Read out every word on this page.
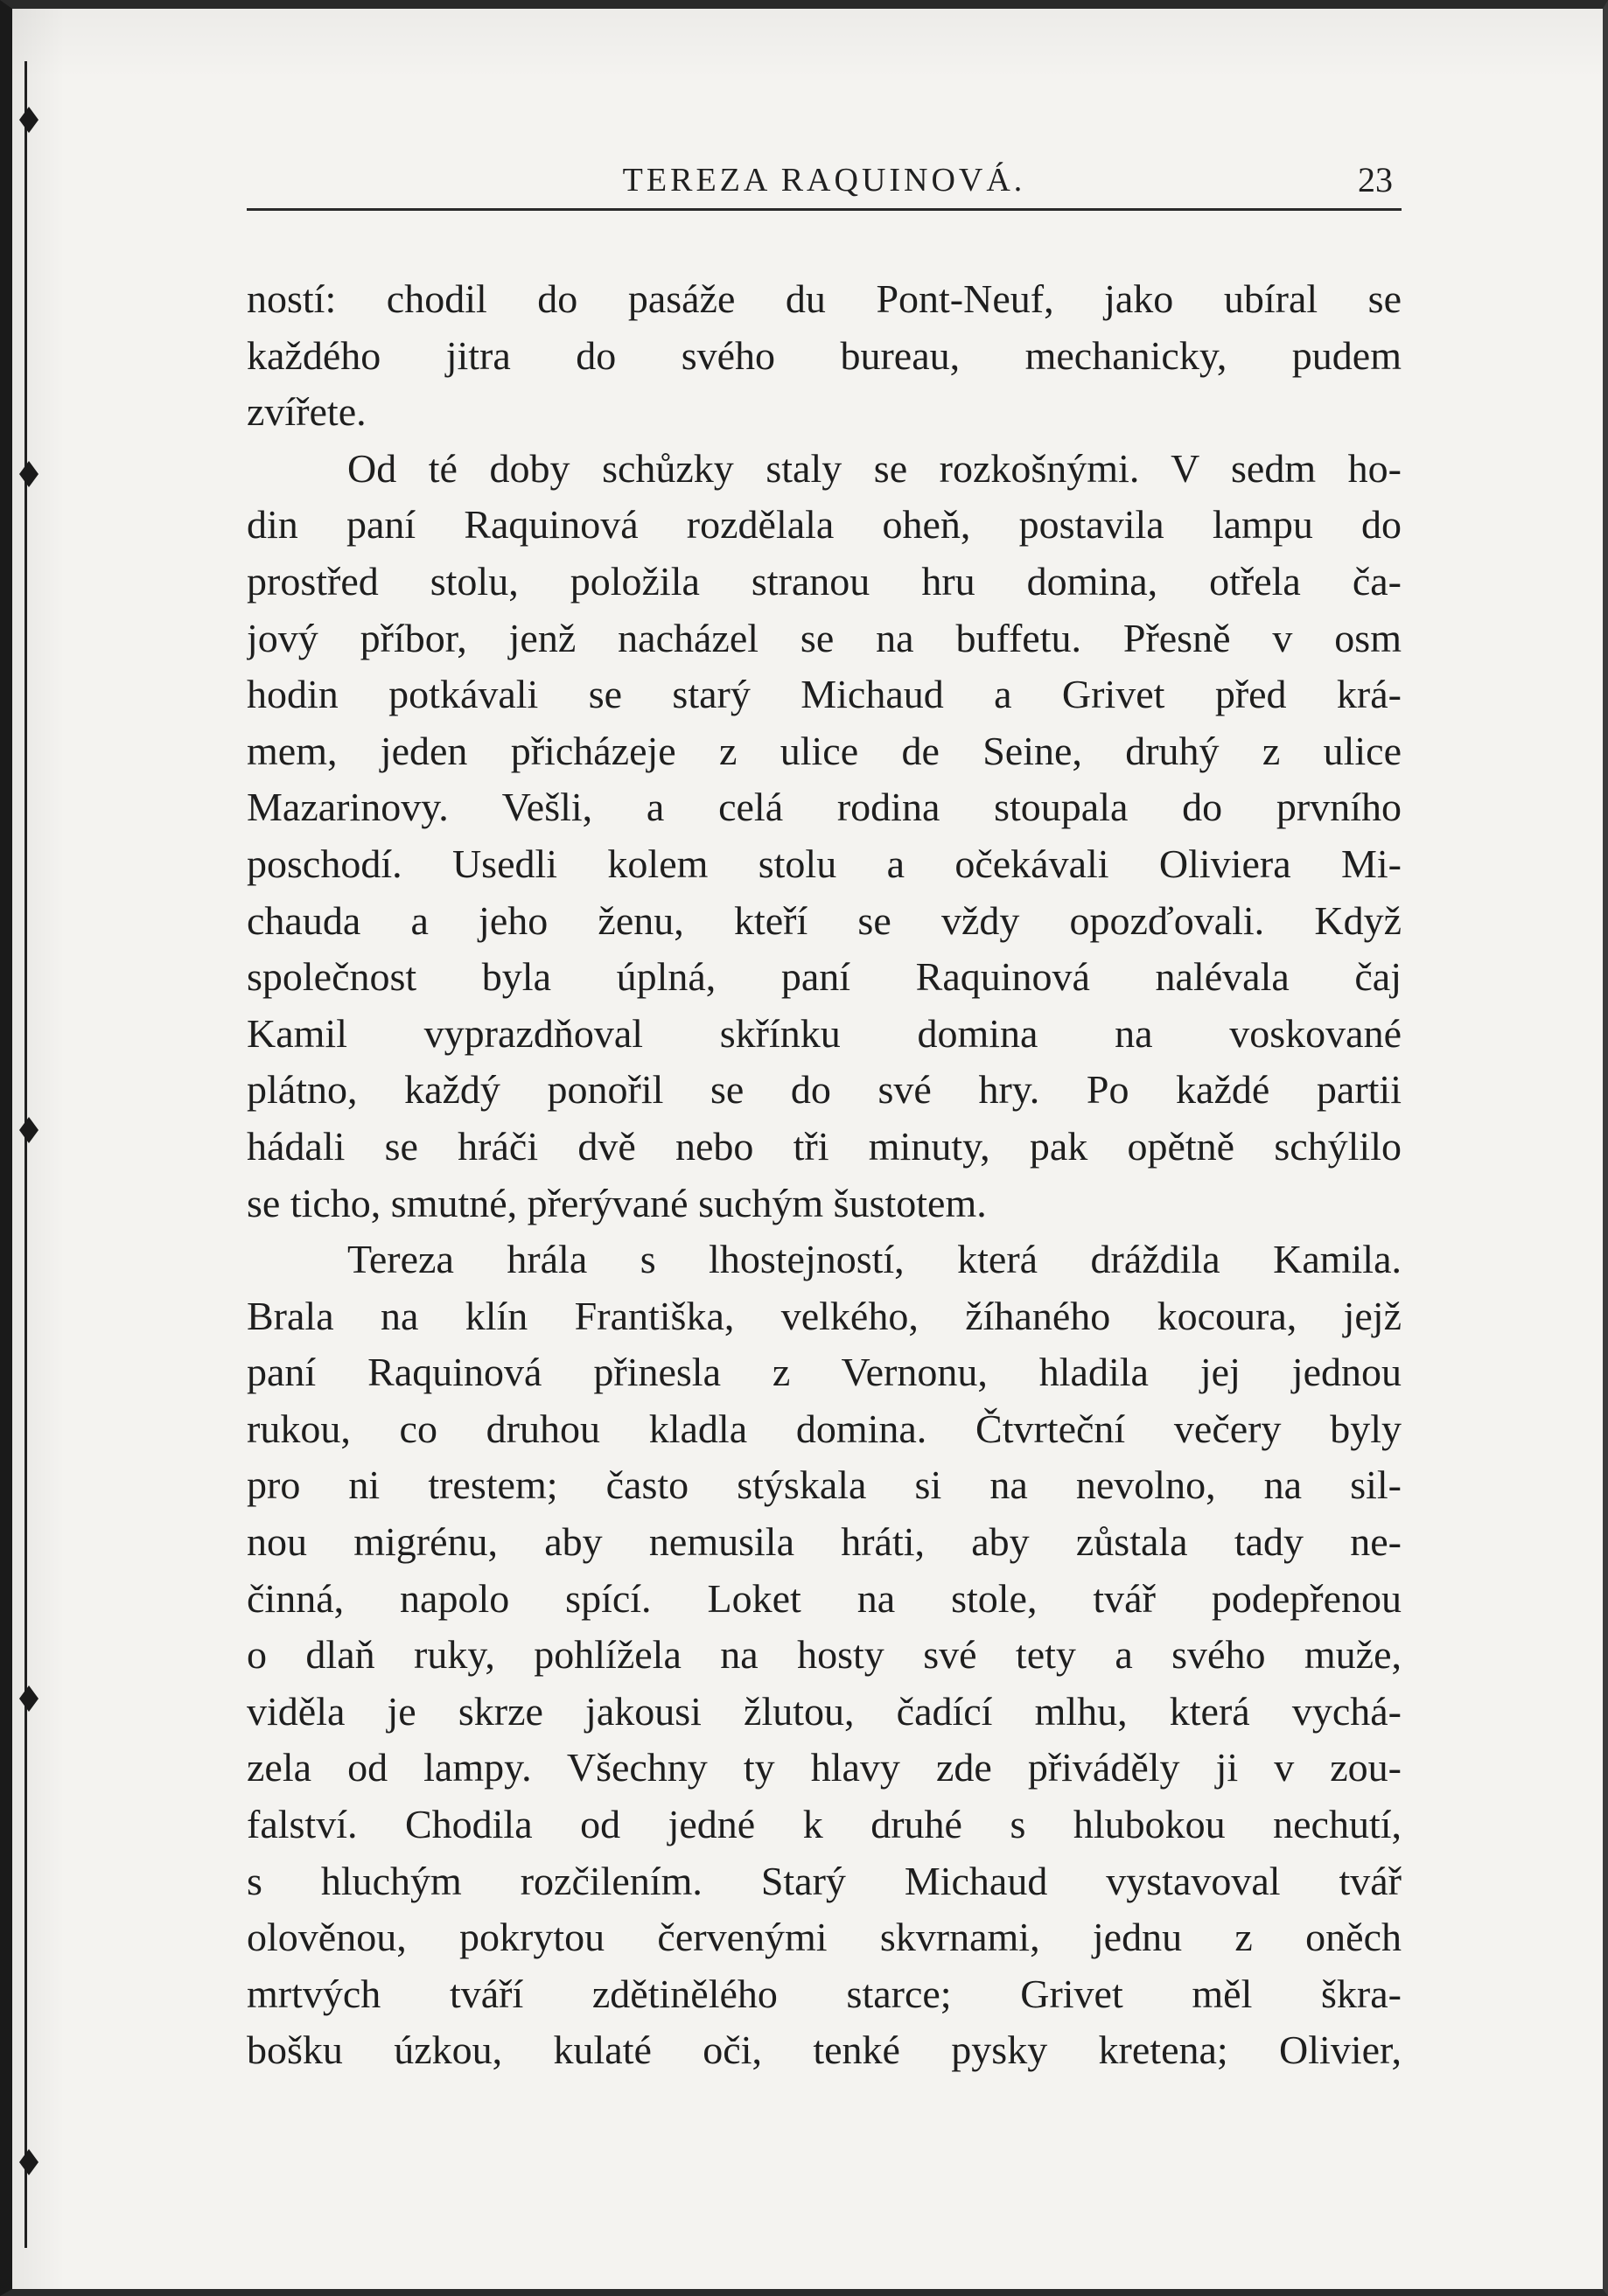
TEREZA RAQUINOVÁ.	23
ností: chodil do pasáže du Pont-Neuf, jako ubíral se
každého jitra do svého bureau, mechanicky, pudem
zvířete.
Od té doby schůzky staly se rozkošnými. V sedm ho-
din paní Raquinová rozdělala oheň, postavila lampu do
prostřed stolu, položila stranou hru domina, otřela ča-
jový příbor, jenž nacházel se na buffetu. Přesně v osm
hodin potkávali se starý Michaud a Grivet před krá-
mem, jeden přicházeje z ulice de Seine, druhý z ulice
Mazarinovy. Vešli, a celá rodina stoupala do prvního
poschodí. Usedli kolem stolu a očekávali Oliviera Mi-
chauda a jeho ženu, kteří se vždy opozďovali. Když
společnost byla úplná, paní Raquinová nalévala čaj
Kamil vyprazdňoval skřínku domina na voskované
plátno, každý ponořil se do své hry. Po každé partii
hádali se hráči dvě nebo tři minuty, pak opětně schýlilo
se ticho, smutné, přerývané suchým šustotem.
Tereza hrála s lhostejností, která dráždila Kamila.
Brala na klín Františka, velkého, žíhaného kocoura, jejž
paní Raquinová přinesla z Vernonu, hladila jej jednou
rukou, co druhou kladla domina. Čtvrteční večery byly
pro ni trestem; často stýskala si na nevolno, na sil-
nou migrénu, aby nemusila hráti, aby zůstala tady ne-
činná, napolo spící. Loket na stole, tvář podepřenou
o dlaň ruky, pohlížela na hosty své tety a svého muže,
viděla je skrze jakousi žlutou, čadící mlhu, která vychá-
zela od lampy. Všechny ty hlavy zde přiváděly ji v zou-
falství. Chodila od jedné k druhé s hlubokou nechutí,
s hluchým rozčilením. Starý Michaud vystavoval tvář
olověnou, pokrytou červenými skvrnami, jednu z oněch
mrtvých tváří zdětinělého starce; Grivet měl škra-
bošku úzkou, kulaté oči, tenké pysky kretena; Olivier,
